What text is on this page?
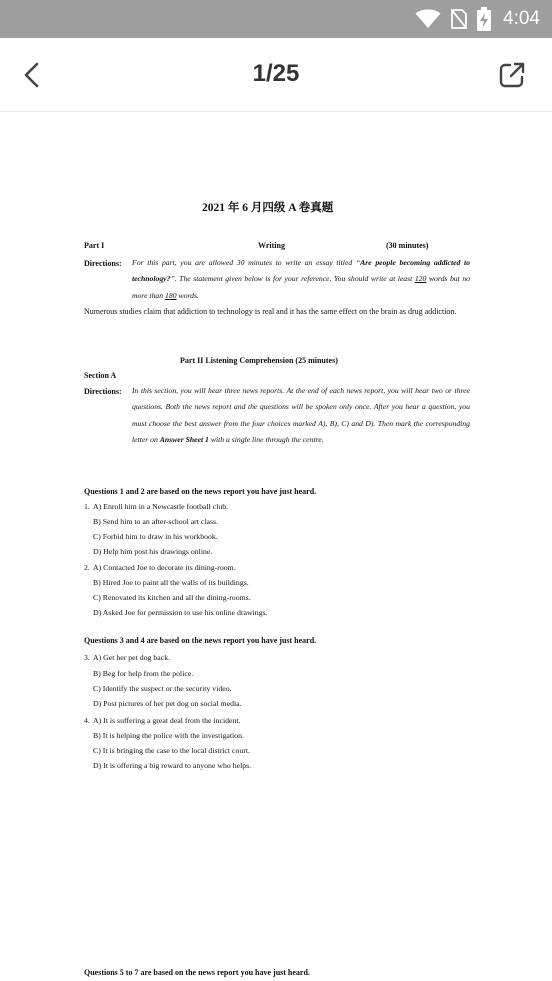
4:04
1/25
2021 年 6 月四级 A 卷真题
Part I	Writing	(30 minutes)
Directions: For this part, you are allowed 30 minutes to write an essay titled “Are people becoming addicted to technology?”. The statement given below is for your reference. You should write at least 120 words but no more than 180 words.
Numerous studies claim that addiction to technology is real and it has the same effect on the brain as drug addiction.
Part II Listening Comprehension (25 minutes)
Section A
Directions: In this section, you will hear three news reports. At the end of each news report, you will hear two or three questions. Both the news report and the questions will be spoken only once. After you hear a question, you must choose the best answer from the four choices marked A), B), C) and D). Then mark the corresponding letter on Answer Sheet 1 with a single line through the centre.
Questions 1 and 2 are based on the news report you have just heard.
1. A) Enroll him in a Newcastle football club.
B) Send him to an after-school art class.
C) Forbid him to draw in his workbook.
D) Help him post his drawings online.
2. A) Contacted Joe to decorate its dining-room.
B) Hired Joe to paint all the walls of its buildings.
C) Renovated its kitchen and all the dining-rooms.
D) Asked Joe for permission to use his online drawings.
Questions 3 and 4 are based on the news report you have just heard.
3. A) Get her pet dog back.
B) Beg for help from the police.
C) Identify the suspect or the security video.
D) Post pictures of her pet dog on social media.
4. A) It is suffering a great deal from the incident.
B) It is helping the police with the investigation.
C) It is bringing the case to the local district court.
D) It is offering a big reward to anyone who helps.
Questions 5 to 7 are based on the news report you have just heard.
